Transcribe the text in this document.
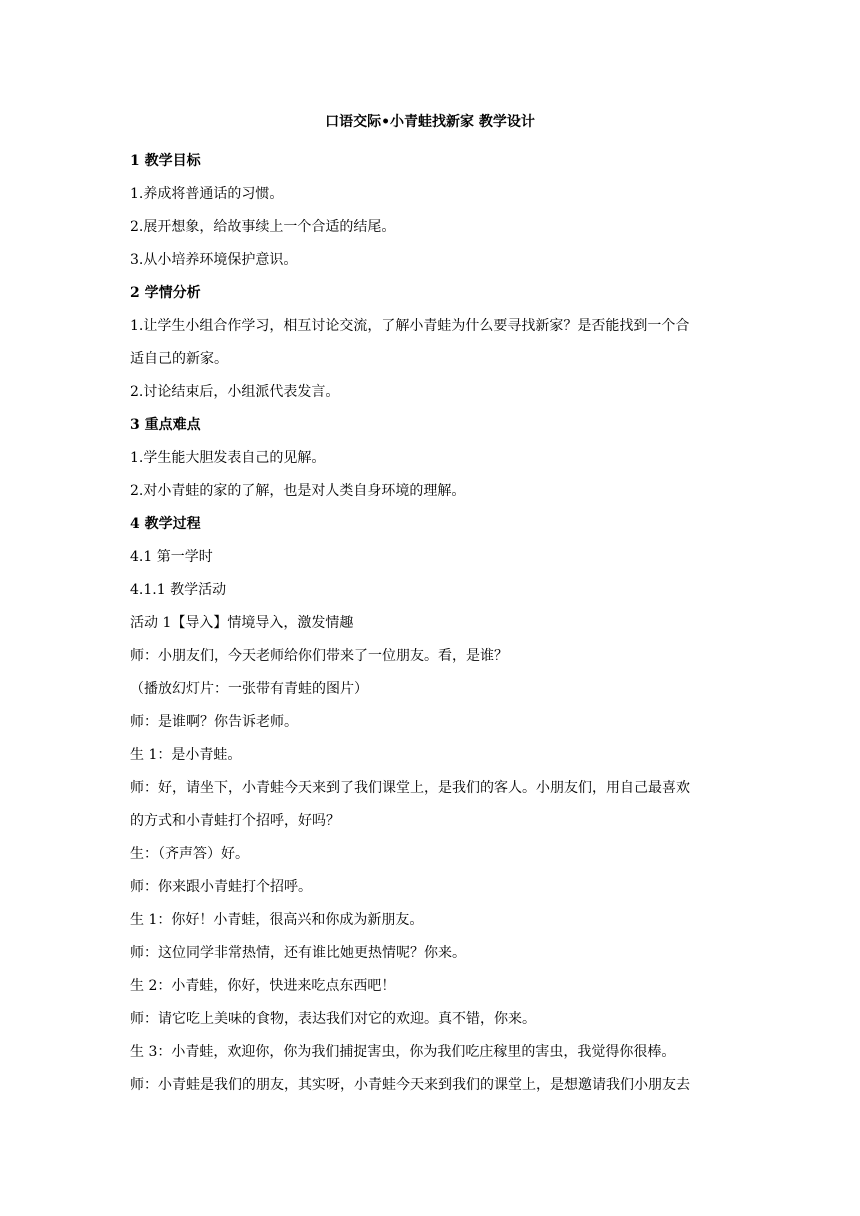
口语交际•小青蛙找新家 教学设计
1 教学目标
1.养成将普通话的习惯。
2.展开想象，给故事续上一个合适的结尾。
3.从小培养环境保护意识。
2 学情分析
1.让学生小组合作学习，相互讨论交流，了解小青蛙为什么要寻找新家？是否能找到一个合
适自己的新家。
2.讨论结束后，小组派代表发言。
3 重点难点
1.学生能大胆发表自己的见解。
2.对小青蛙的家的了解，也是对人类自身环境的理解。
4 教学过程
4.1 第一学时
4.1.1 教学活动
活动 1【导入】情境导入，激发情趣
师：小朋友们，今天老师给你们带来了一位朋友。看，是谁？
（播放幻灯片：一张带有青蛙的图片）
师：是谁啊？你告诉老师。
生 1：是小青蛙。
师：好，请坐下，小青蛙今天来到了我们课堂上，是我们的客人。小朋友们，用自己最喜欢
的方式和小青蛙打个招呼，好吗？
生：（齐声答）好。
师：你来跟小青蛙打个招呼。
生 1：你好！小青蛙，很高兴和你成为新朋友。
师：这位同学非常热情，还有谁比她更热情呢？你来。
生 2：小青蛙，你好，快进来吃点东西吧！
师：请它吃上美味的食物，表达我们对它的欢迎。真不错，你来。
生 3：小青蛙，欢迎你，你为我们捕捉害虫，你为我们吃庄稼里的害虫，我觉得你很棒。
师：小青蛙是我们的朋友，其实呀，小青蛙今天来到我们的课堂上，是想邀请我们小朋友去
